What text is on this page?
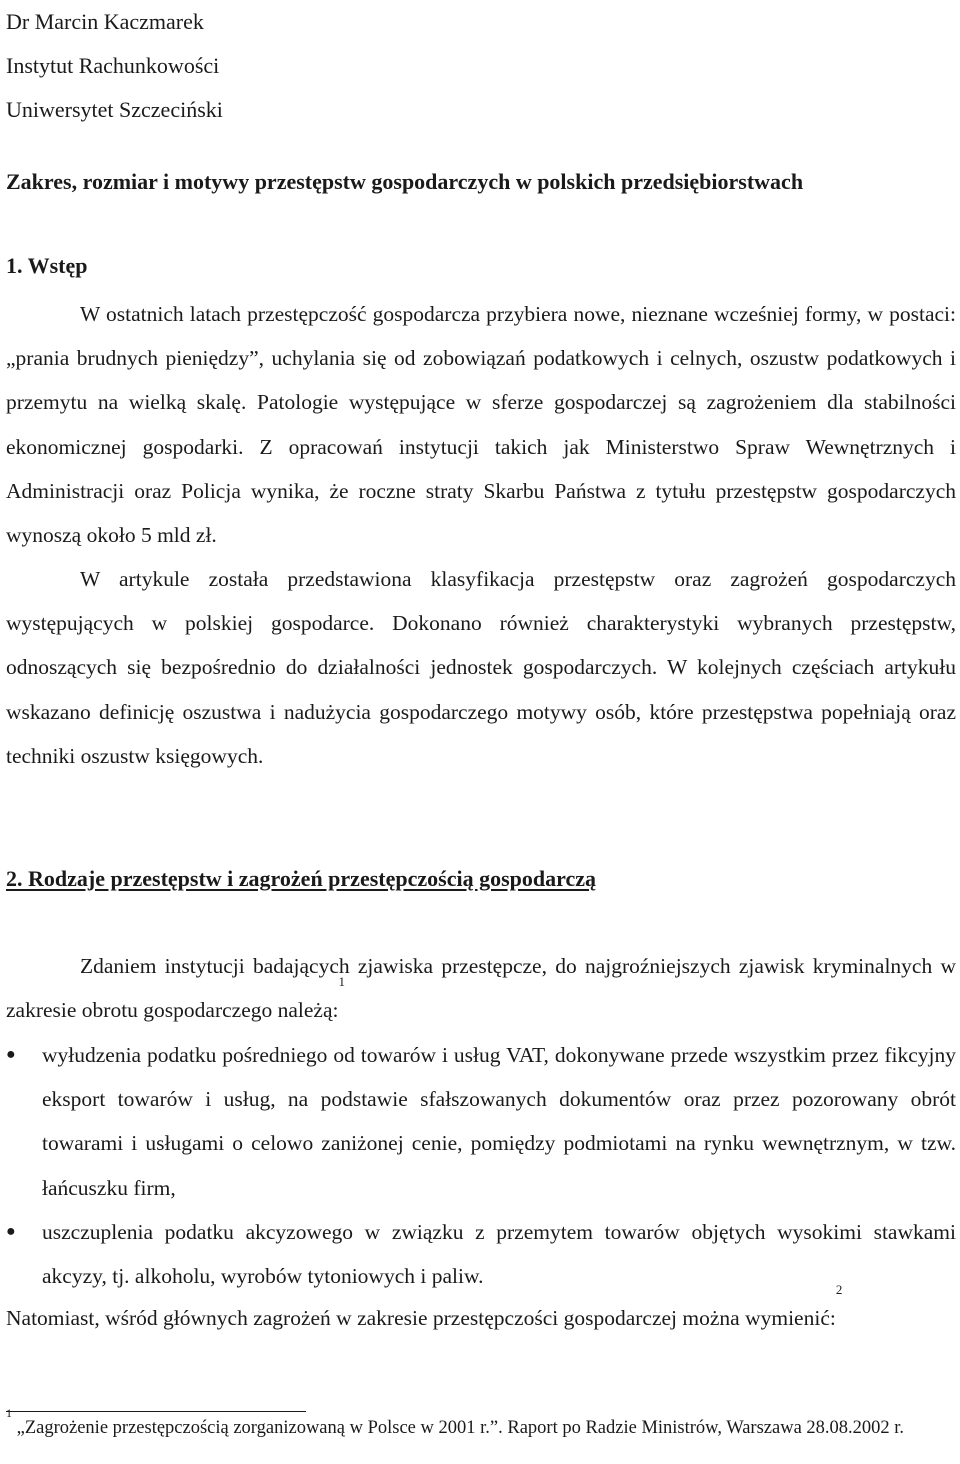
Dr Marcin Kaczmarek

Instytut Rachunkowości

Uniwersytet Szczeciński

Zakres, rozmiar i motywy przestępstw gospodarczych w polskich przedsiębiorstwach
1. Wstęp

W ostatnich latach przestępczość gospodarcza przybiera nowe, nieznane wcześniej formy, w postaci: „prania brudnych pieniędzy”, uchylania się od zobowiązań podatkowych i celnych, oszustw podatkowych i przemytu na wielką skalę. Patologie występujące w sferze gospodarczej są zagrożeniem dla stabilności ekonomicznej gospodarki. Z opracowań instytucji takich jak Ministerstwo Spraw Wewnętrznych i Administracji oraz Policja wynika, że roczne straty Skarbu Państwa z tytułu przestępstw gospodarczych wynoszą około 5 mld zł.

W artykule została przedstawiona klasyfikacja przestępstw oraz zagrożeń gospodarczych występujących w polskiej gospodarce. Dokonano również charakterystyki wybranych przestępstw, odnoszących się bezpośrednio do działalności jednostek gospodarczych. W kolejnych częściach artykułu wskazano definicję oszustwa i nadużycia gospodarczego motywy osób, które przestępstwa popełniają oraz techniki oszustw księgowych.

2. Rodzaje przestępstw i zagrożeń przestępczością gospodarczą

Zdaniem instytucji badających zjawiska przestępcze, do najgroźniejszych zjawisk kryminalnych w zakresie obrotu gospodarczego należą:$^1$

● wyłudzenia podatku pośredniego od towarów i usług VAT, dokonywane przede wszystkim przez fikcyjny eksport towarów i usług, na podstawie sfałszowanych dokumentów oraz przez pozorowany obrót towarami i usługami o celowo zaniżonej cenie, pomiędzy podmiotami na rynku wewnętrznym, w tzw. łańcuszku firm,
● uszczuplenia podatku akcyzowego w związku z przemytem towarów objętych wysokimi stawkami akcyzy, tj. alkoholu, wyrobów tytoniowych i paliw.

Natomiast, wśród głównych zagrożeń w zakresie przestępczości gospodarczej można wymienić:$^2$

$^1$ „Zagrożenie przestępczością zorganizowaną w Polsce w 2001 r.”. Raport po Radzie Ministrów, Warszawa 28.08.2002 r.
